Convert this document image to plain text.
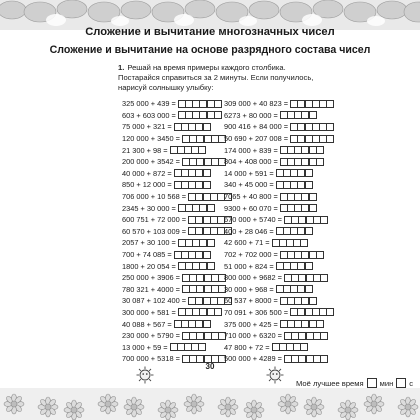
Сложение и вычитание многозначных чисел
Сложение и вычитание на основе разрядного состава чисел
1. Решай на время примеры каждого столбика. Постарайся справиться за 2 минуты. Если получилось, нарисуй солнышку улыбку:
325 000 + 439 =
603 + 603 000 =
75 000 + 321 =
120 000 + 3450 =
21 300 + 98 =
200 000 + 3542 =
40 000 + 872 =
850 + 12 000 =
706 000 + 10 568 =
2345 + 30 000 =
600 751 + 72 000 =
60 570 + 103 009 =
2057 + 30 100 =
700 + 74 085 =
1800 + 20 054 =
250 000 + 3906 =
780 321 + 4000 =
30 087 + 102 400 =
300 000 + 581 =
40 088 + 567 =
230 000 + 5790 =
13 000 + 59 =
700 000 + 5318 =
309 000 + 40 823 =
6273 + 80 000 =
900 416 + 84 000 =
50 690 + 207 008 =
174 000 + 839 =
804 + 408 000 =
14 000 + 591 =
340 + 45 000 =
7065 + 40 800 =
9300 + 60 070 =
670 000 + 5740 =
400 + 28 046 =
42 600 + 71 =
702 + 702 000 =
51 000 + 824 =
800 000 + 9682 =
30 000 + 968 =
60 537 + 8000 =
70 091 + 306 500 =
375 000 + 425 =
710 000 + 6320 =
47 800 + 72 =
500 000 + 4289 =
30
Моё лучшее время мин с
